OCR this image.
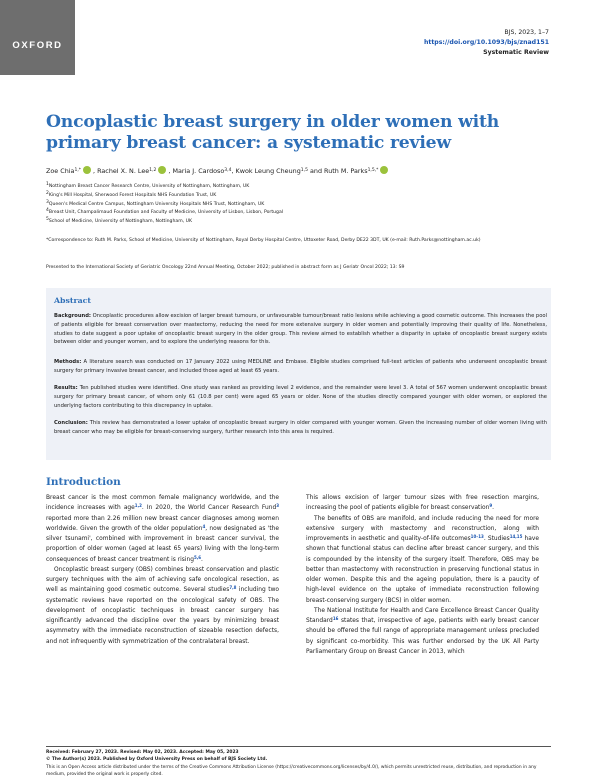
OXFORD
BJS, 2023, 1–7
https://doi.org/10.1093/bjs/znad151
Systematic Review
Oncoplastic breast surgery in older women with primary breast cancer: a systematic review
Zoe Chia$^{1,*}$ , Rachel X. N. Lee$^{1,2}$ , Maria J. Cardoso$^{3,4}$, Kwok Leung Cheung$^{1,5}$ and Ruth M. Parks$^{1,5,*}$
$^1$Nottingham Breast Cancer Research Centre, University of Nottingham, Nottingham, UK
$^2$King's Mill Hospital, Sherwood Forest Hospitals NHS Foundation Trust, UK
$^3$Queen's Medical Centre Campus, Nottingham University Hospitals NHS Trust, Nottingham, UK
$^4$Breast Unit, Champalimaud Foundation and Faculty of Medicine, University of Lisbon, Lisbon, Portugal
$^5$School of Medicine, University of Nottingham, Nottingham, UK
*Correspondence to: Ruth M. Parks, School of Medicine, University of Nottingham, Royal Derby Hospital Centre, Uttoxeter Road, Derby DE22 3DT, UK (e-mail: Ruth.Parks@nottingham.ac.uk)
Presented to the International Society of Geriatric Oncology 22nd Annual Meeting, October 2022; published in abstract form as J Geriatr Oncol 2022; 13: S9
Abstract
Background: Oncoplastic procedures allow excision of larger breast tumours, or unfavourable tumour/breast ratio lesions while achieving a good cosmetic outcome. This increases the pool of patients eligible for breast conservation over mastectomy, reducing the need for more extensive surgery in older women and potentially improving their quality of life. Nonetheless, studies to date suggest a poor uptake of oncoplastic breast surgery in the older group. This review aimed to establish whether a disparity in uptake of oncoplastic breast surgery exists between older and younger women, and to explore the underlying reasons for this.
Methods: A literature search was conducted on 17 January 2022 using MEDLINE and Embase. Eligible studies comprised full-text articles of patients who underwent oncoplastic breast surgery for primary invasive breast cancer, and included those aged at least 65 years.
Results: Ten published studies were identified. One study was ranked as providing level 2 evidence, and the remainder were level 3. A total of 567 women underwent oncoplastic breast surgery for primary breast cancer, of whom only 61 (10.8 per cent) were aged 65 years or older. None of the studies directly compared younger with older women, or explored the underlying factors contributing to this discrepancy in uptake.
Conclusion: This review has demonstrated a lower uptake of oncoplastic breast surgery in older compared with younger women. Given the increasing number of older women living with breast cancer who may be eligible for breast-conserving surgery, further research into this area is required.
Introduction

Breast cancer is the most common female malignancy worldwide, and the incidence increases with age$^{1,2}$. In 2020, the World Cancer Research Fund$^3$ reported more than 2.26 million new breast cancer diagnoses among women worldwide. Given the growth of the older population$^4$, now designated as 'the silver tsunami', combined with improvement in breast cancer survival, the proportion of older women (aged at least 65 years) living with the long-term consequences of breast cancer treatment is rising$^{5,6}$.

Oncoplastic breast surgery (OBS) combines breast conservation and plastic surgery techniques with the aim of achieving safe oncological resection, as well as maintaining good cosmetic outcome. Several studies$^{7,8}$ including two systematic reviews have reported on the oncological safety of OBS. The development of oncoplastic techniques in breast cancer surgery has significantly advanced the discipline over the years by minimizing breast asymmetry with the immediate reconstruction of sizeable resection defects, and not infrequently with symmetrization of the contralateral breast.

This allows excision of larger tumour sizes with free resection margins, increasing the pool of patients eligible for breast conservation$^9$.

The benefits of OBS are manifold, and include reducing the need for more extensive surgery with mastectomy and reconstruction, along with improvements in aesthetic and quality-of-life outcomes$^{10-13}$. Studies$^{14,15}$ have shown that functional status can decline after breast cancer surgery, and this is compounded by the intensity of the surgery itself. Therefore, OBS may be better than mastectomy with reconstruction in preserving functional status in older women. Despite this and the ageing population, there is a paucity of high-level evidence on the uptake of immediate reconstruction following breast-conserving surgery (BCS) in older women.

The National Institute for Health and Care Excellence Breast Cancer Quality Standard$^{16}$ states that, irrespective of age, patients with early breast cancer should be offered the full range of appropriate management unless precluded by significant co-morbidity. This was further endorsed by the UK All Party Parliamentary Group on Breast Cancer in 2013, which

Received: February 27, 2023. Revised: May 02, 2023. Accepted: May 05, 2023
© The Author(s) 2023. Published by Oxford University Press on behalf of BJS Society Ltd.
This is an Open Access article distributed under the terms of the Creative Commons Attribution License (https://creativecommons.org/licenses/by/4.0/), which permits unrestricted reuse, distribution, and reproduction in any medium, provided the original work is properly cited.
